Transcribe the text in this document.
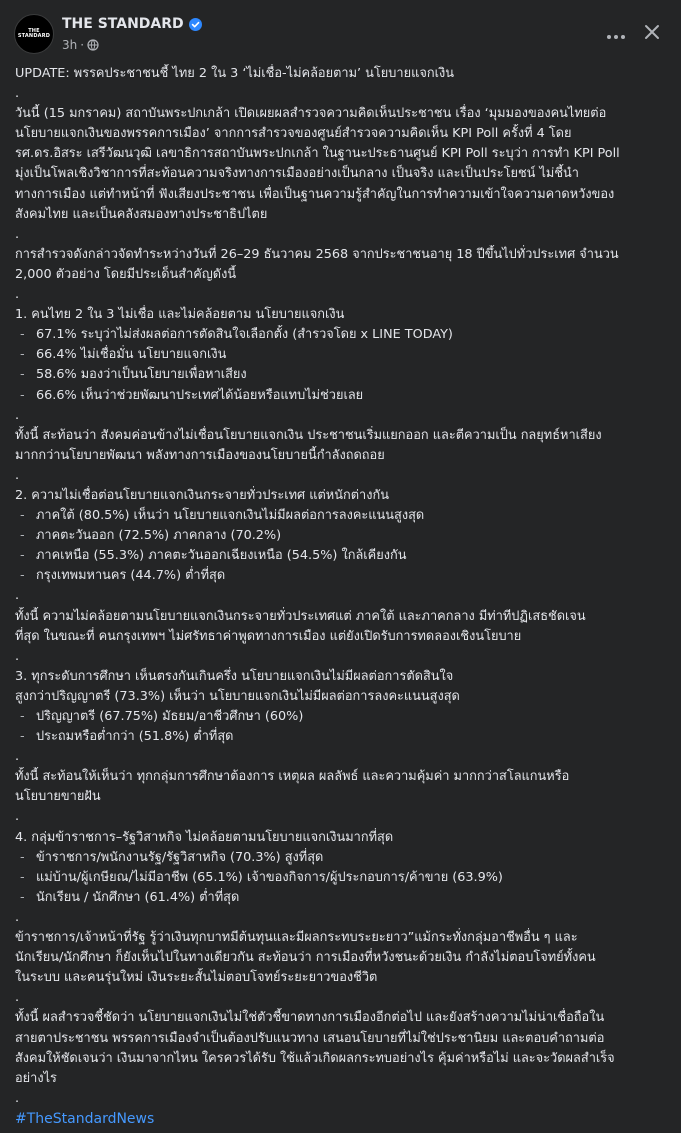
THE
STANDARD
THE STANDARD
3h ·
UPDATE: พรรคประชาชนชี้ ไทย 2 ใน 3 ‘ไม่เชื่อ-ไม่คล้อยตาม’ นโยบายแจกเงิน
.
วันนี้ (15 มกราคม) สถาบันพระปกเกล้า เปิดเผยผลสำรวจความคิดเห็นประชาชน เรื่อง ‘มุมมองของคนไทยต่อ
นโยบายแจกเงินของพรรคการเมือง’ จากการสำรวจของศูนย์สำรวจความคิดเห็น KPI Poll ครั้งที่ 4 โดย
รศ.ดร.อิสระ เสรีวัฒนวุฒิ เลขาธิการสถาบันพระปกเกล้า ในฐานะประธานศูนย์ KPI Poll ระบุว่า การทำ KPI Poll
มุ่งเป็นโพลเชิงวิชาการที่สะท้อนความจริงทางการเมืองอย่างเป็นกลาง เป็นจริง และเป็นประโยชน์ ไม่ชี้นำ
ทางการเมือง แต่ทำหน้าที่ ฟังเสียงประชาชน เพื่อเป็นฐานความรู้สำคัญในการทำความเข้าใจความคาดหวังของ
สังคมไทย และเป็นคลังสมองทางประชาธิปไตย
.
การสำรวจดังกล่าวจัดทำระหว่างวันที่ 26–29 ธันวาคม 2568 จากประชาชนอายุ 18 ปีขึ้นไปทั่วประเทศ จำนวน
2,000 ตัวอย่าง โดยมีประเด็นสำคัญดังนี้
.
1. คนไทย 2 ใน 3 ไม่เชื่อ และไม่คล้อยตาม นโยบายแจกเงิน
- 67.1% ระบุว่าไม่ส่งผลต่อการตัดสินใจเลือกตั้ง (สำรวจโดย x LINE TODAY)
- 66.4% ไม่เชื่อมั่น นโยบายแจกเงิน
- 58.6% มองว่าเป็นนโยบายเพื่อหาเสียง
- 66.6% เห็นว่าช่วยพัฒนาประเทศได้น้อยหรือแทบไม่ช่วยเลย
.
ทั้งนี้ สะท้อนว่า สังคมค่อนข้างไม่เชื่อนโยบายแจกเงิน ประชาชนเริ่มแยกออก และตีความเป็น กลยุทธ์หาเสียง
มากกว่านโยบายพัฒนา พลังทางการเมืองของนโยบายนี้กำลังถดถอย
.
2. ความไม่เชื่อต่อนโยบายแจกเงินกระจายทั่วประเทศ แต่หนักต่างกัน
- ภาคใต้ (80.5%) เห็นว่า นโยบายแจกเงินไม่มีผลต่อการลงคะแนนสูงสุด
- ภาคตะวันออก (72.5%) ภาคกลาง (70.2%)
- ภาคเหนือ (55.3%) ภาคตะวันออกเฉียงเหนือ (54.5%) ใกล้เคียงกัน
- กรุงเทพมหานคร (44.7%) ต่ำที่สุด
.
ทั้งนี้ ความไม่คล้อยตามนโยบายแจกเงินกระจายทั่วประเทศแต่ ภาคใต้ และภาคกลาง มีท่าทีปฏิเสธชัดเจน
ที่สุด ในขณะที่ คนกรุงเทพฯ ไม่ศรัทธาค่าพูดทางการเมือง แต่ยังเปิดรับการทดลองเชิงนโยบาย
.
3. ทุกระดับการศึกษา เห็นตรงกันเกินครึ่ง นโยบายแจกเงินไม่มีผลต่อการตัดสินใจ
สูงกว่าปริญญาตรี (73.3%) เห็นว่า นโยบายแจกเงินไม่มีผลต่อการลงคะแนนสูงสุด
- ปริญญาตรี (67.75%) มัธยม/อาชีวศึกษา (60%)
- ประถมหรือต่ำกว่า (51.8%) ต่ำที่สุด
.
ทั้งนี้ สะท้อนให้เห็นว่า ทุกกลุ่มการศึกษาต้องการ เหตุผล ผลลัพธ์ และความคุ้มค่า มากกว่าสโลแกนหรือ
นโยบายขายฝัน
.
4. กลุ่มข้าราชการ–รัฐวิสาหกิจ ไม่คล้อยตามนโยบายแจกเงินมากที่สุด
- ข้าราชการ/พนักงานรัฐ/รัฐวิสาหกิจ (70.3%) สูงที่สุด
- แม่บ้าน/ผู้เกษียณ/ไม่มีอาชีพ (65.1%) เจ้าของกิจการ/ผู้ประกอบการ/ค้าขาย (63.9%)
- นักเรียน / นักศึกษา (61.4%) ต่ำที่สุด
.
ข้าราชการ/เจ้าหน้าที่รัฐ รู้ว่าเงินทุกบาทมีต้นทุนและมีผลกระทบระยะยาว”แม้กระทั่งกลุ่มอาชีพอื่น ๆ และ
นักเรียน/นักศึกษา ก็ยังเห็นไปในทางเดียวกัน สะท้อนว่า การเมืองที่หวังชนะด้วยเงิน กำลังไม่ตอบโจทย์ทั้งคน
ในระบบ และคนรุ่นใหม่ เงินระยะสั้นไม่ตอบโจทย์ระยะยาวของชีวิต
.
ทั้งนี้ ผลสำรวจชี้ชัดว่า นโยบายแจกเงินไม่ใช่ตัวชี้ขาดทางการเมืองอีกต่อไป และยังสร้างความไม่น่าเชื่อถือใน
สายตาประชาชน พรรคการเมืองจำเป็นต้องปรับแนวทาง เสนอนโยบายที่ไม่ใช่ประชานิยม และตอบคำถามต่อ
สังคมให้ชัดเจนว่า เงินมาจากไหน ใครควรได้รับ ใช้แล้วเกิดผลกระทบอย่างไร คุ้มค่าหรือไม่ และจะวัดผลสำเร็จ
อย่างไร
.
#TheStandardNews
